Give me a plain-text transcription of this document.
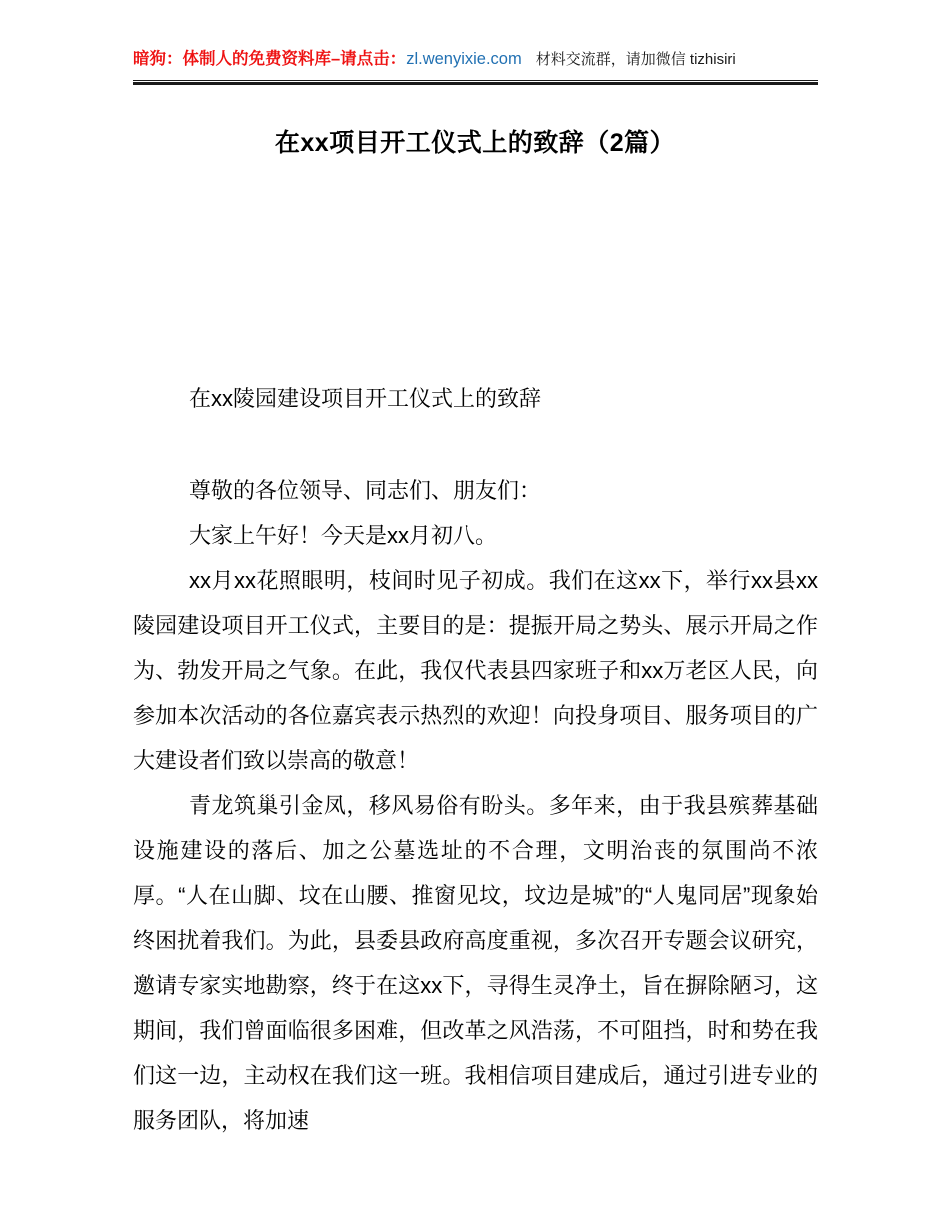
暗狗：体制人的免费资料库–请点击：zl.wenyixie.com 材料交流群，请加微信 tizhisiri
在xx项目开工仪式上的致辞（2篇）
在xx陵园建设项目开工仪式上的致辞

尊敬的各位领导、同志们、朋友们：

大家上午好！今天是xx月初八。

xx月xx花照眼明，枝间时见子初成。我们在这xx下，举行xx县xx陵园建设项目开工仪式，主要目的是：提振开局之势头、展示开局之作为、勃发开局之气象。在此，我仅代表县四家班子和xx万老区人民，向参加本次活动的各位嘉宾表示热烈的欢迎！向投身项目、服务项目的广大建设者们致以崇高的敬意！

青龙筑巢引金凤，移风易俗有盼头。多年来，由于我县殡葬基础设施建设的落后、加之公墓选址的不合理，文明治丧的氛围尚不浓厚。“人在山脚、坟在山腰、推窗见坟，坟边是城”的“人鬼同居”现象始终困扰着我们。为此，县委县政府高度重视，多次召开专题会议研究，邀请专家实地勘察，终于在这xx下，寻得生灵净土，旨在摒除陋习，这期间，我们曾面临很多困难，但改革之风浩荡，不可阻挡，时和势在我们这一边，主动权在我们这一班。我相信项目建成后，通过引进专业的服务团队，将加速
